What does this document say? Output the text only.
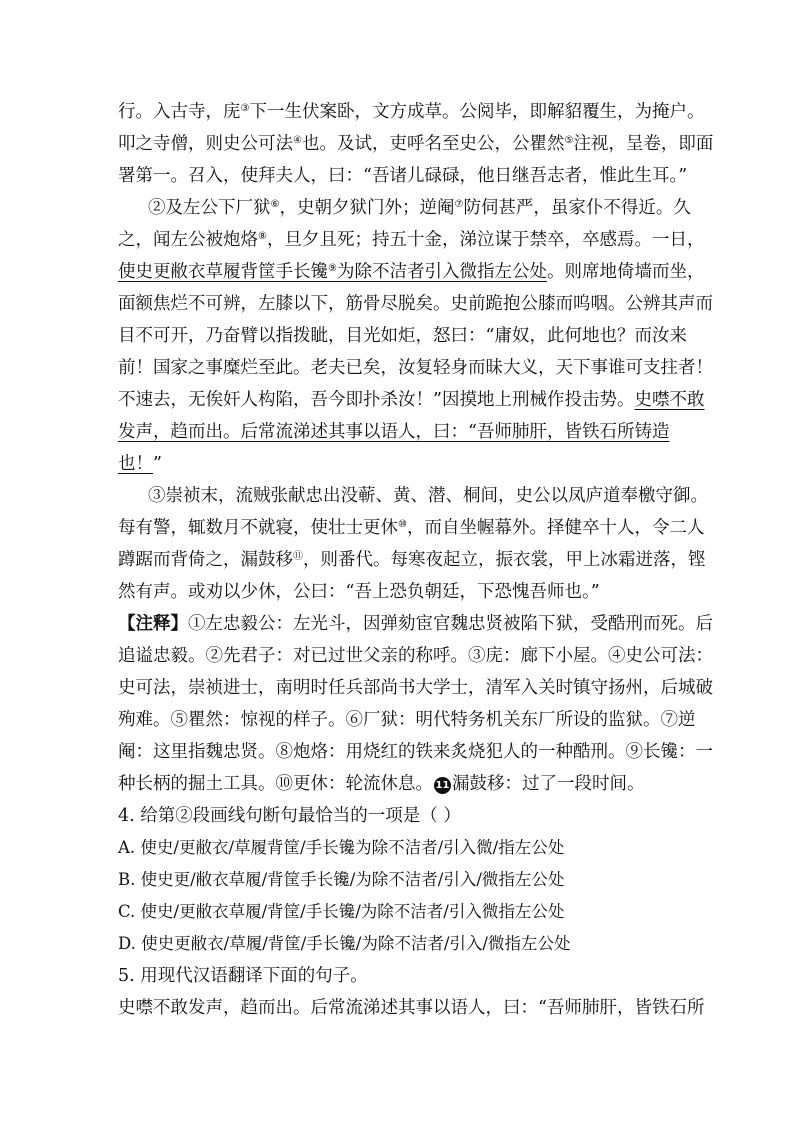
行。入古寺，庑③下一生伏案卧，文方成草。公阅毕，即解貂覆生，为掩户。
叩之寺僧，则史公可法④也。及试，吏呼名至史公，公瞿然⑤注视，呈卷，即面
署第一。召入，使拜夫人，曰：“吾诸儿碌碌，他日继吾志者，惟此生耳。”
②及左公下厂狱⑥，史朝夕狱门外；逆阉⑦防伺甚严，虽家仆不得近。久
之，闻左公被炮烙⑧，旦夕且死；持五十金，涕泣谋于禁卒，卒感焉。一日，
使史更敝衣草履背筐手长镵⑨为除不洁者引入微指左公处。则席地倚墙而坐，
面额焦烂不可辨，左膝以下，筋骨尽脱矣。史前跪抱公膝而呜咽。公辨其声而
目不可开，乃奋臂以指拨眦，目光如炬，怒曰：“庸奴，此何地也？而汝来
前！国家之事糜烂至此。老夫已矣，汝复轻身而昧大义，天下事谁可支拄者！
不速去，无俟奸人构陷，吾今即扑杀汝！”因摸地上刑械作投击势。史噤不敢
发声，趋而出。后常流涕述其事以语人，曰：“吾师肺肝，皆铁石所铸造
也！”
③崇祯末，流贼张献忠出没蕲、黄、潜、桐间，史公以凤庐道奉檄守御。
每有警，辄数月不就寝，使壮士更休⑩，而自坐幄幕外。择健卒十人，令二人
蹲踞而背倚之，漏鼓移⑪，则番代。每寒夜起立，振衣裳，甲上冰霜迸落，铿
然有声。或劝以少休，公曰：“吾上恐负朝廷，下恐愧吾师也。”
【注释】①左忠毅公：左光斗，因弹劾宦官魏忠贤被陷下狱，受酷刑而死。后
追谥忠毅。②先君子：对已过世父亲的称呼。③庑：廊下小屋。④史公可法：
史可法，崇祯进士，南明时任兵部尚书大学士，清军入关时镇守扬州，后城破
殉难。⑤瞿然：惊视的样子。⑥厂狱：明代特务机关东厂所设的监狱。⑦逆
阉：这里指魏忠贤。⑧炮烙：用烧红的铁来炙烧犯人的一种酷刑。⑨长镵：一
种长柄的掘土工具。⑩更休：轮流休息。 11 漏鼓移：过了一段时间。
4. 给第②段画线句断句最恰当的一项是（ ）
A. 使史/更敝衣/草履背筐/手长镵为除不洁者/引入微/指左公处
B. 使史更/敝衣草履/背筐手长镵/为除不洁者/引入/微指左公处
C. 使史/更敝衣草履/背筐/手长镵/为除不洁者/引入微指左公处
D. 使史更敝衣/草履/背筐/手长镵/为除不洁者/引入/微指左公处
5. 用现代汉语翻译下面的句子。
史噤不敢发声，趋而出。后常流涕述其事以语人，曰：“吾师肺肝，皆铁石所
